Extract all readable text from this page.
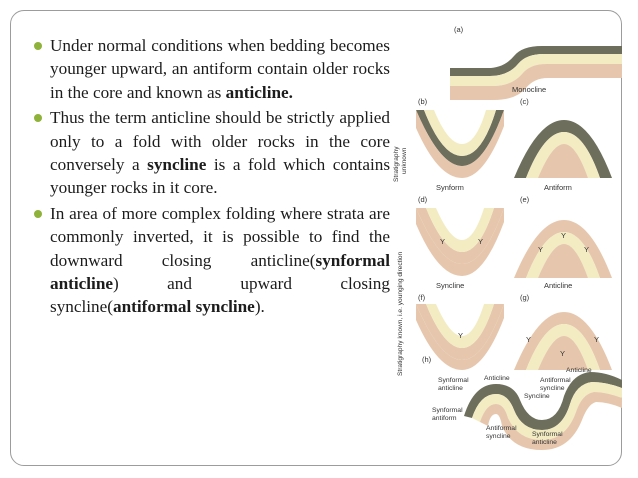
Under normal conditions when bedding becomes younger upward, an antiform contain older rocks in the core and known as anticline.
Thus the term anticline should be strictly applied only to a fold with older rocks in the core conversely a syncline is a fold which contains younger rocks in it core.
In area of more complex folding where strata are commonly inverted, it is possible to find the downward closing anticline(synformal anticline) and upward closing syncline(antiformal syncline).
(a)
Monocline
Stratigraphy unknown
(b)
Synform
(c)
Antiform
(d)
Y	Y
Syncline
(e)
Y
Y
Y
Anticline
Stratigraphy known, i.e. younging direction (f)
Y
Synformal
anticline
(g)
Y
Y
Y
Antiformal
syncline
(h)
Anticline
Anticline
Syncline
Synformal
antiform
Antiformal
syncline	Synformal
anticline
